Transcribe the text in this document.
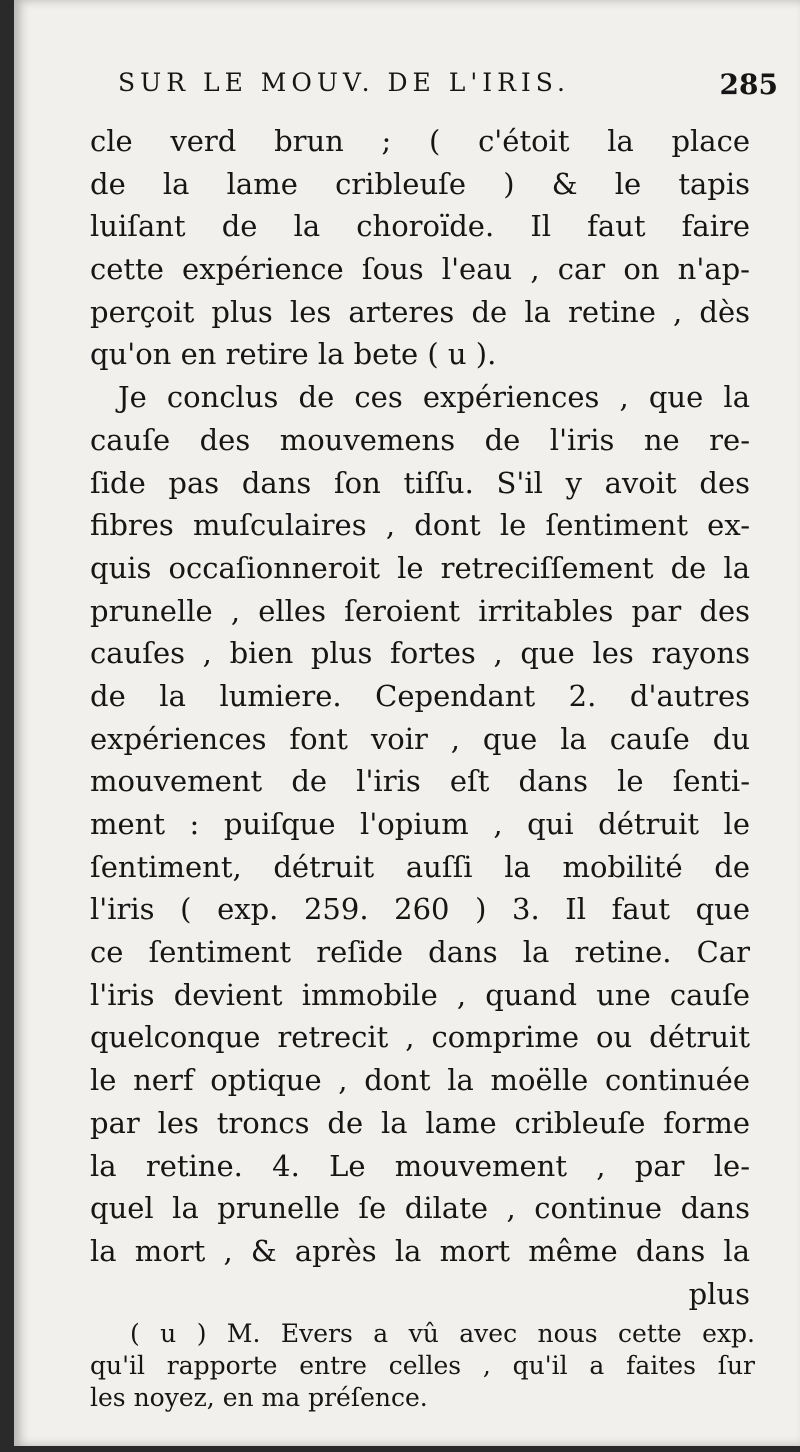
SUR LE MOUV. DE L'IRIS.	285
cle verd brun ; ( c'étoit la place
de la lame cribleuſe ) & le tapis
luiſant de la choroïde. Il faut faire
cette expérience ſous l'eau , car on n'ap-
perçoit plus les arteres de la retine , dès
qu'on en retire la bete ( u ).
Je conclus de ces expériences , que la
cauſe des mouvemens de l'iris ne re-
ſide pas dans ſon tiſſu. S'il y avoit des
fibres muſculaires , dont le ſentiment ex-
quis occaſionneroit le retreciſſement de la
prunelle , elles ſeroient irritables par des
cauſes , bien plus fortes , que les rayons
de la lumiere. Cependant 2. d'autres
expériences font voir , que la cauſe du
mouvement de l'iris eſt dans le ſenti-
ment : puiſque l'opium , qui détruit le
ſentiment, détruit auſſi la mobilité de
l'iris ( exp. 259. 260 ) 3. Il faut que
ce ſentiment reſide dans la retine. Car
l'iris devient immobile , quand une cauſe
quelconque retrecit , comprime ou détruit
le nerf optique , dont la moëlle continuée
par les troncs de la lame cribleuſe forme
la retine. 4. Le mouvement , par le-
quel la prunelle ſe dilate , continue dans
la mort , & après la mort même dans la
plus
( u ) M. Evers a vû avec nous cette exp.
qu'il rapporte entre celles , qu'il a faites ſur
les noyez, en ma préſence.
